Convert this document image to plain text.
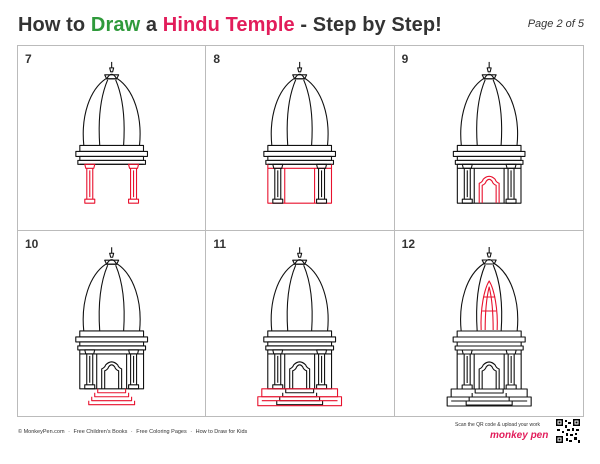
How to Draw a Hindu Temple - Step by Step!	Page 2 of 5
7	8	9
10	11	12
© MonkeyPen.com · Free Children's Books · Free Coloring Pages · How to Draw for Kids
Scan the QR code & upload your work
monkey pen
